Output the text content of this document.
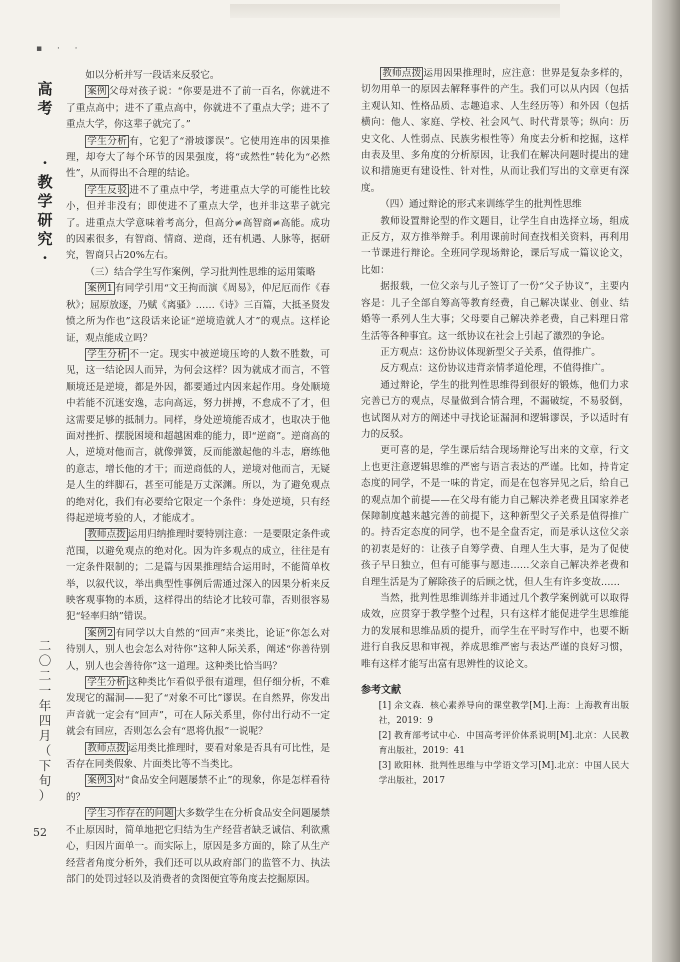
▪ · ·
高
考
·
教
学
研
究
·
二
〇
二
一
年
四
月
（
下
旬
）
52

如以分析并写一段话来反驳它。

案例 父母对孩子说：“你要是进不了前一百名，你就进不了重点高中；进不了重点高中，你就进不了重点大学；进不了重点大学，你这辈子就完了。”

学生分析 有，它犯了“滑坡谬误”。它使用连串的因果推理，却夸大了每个环节的因果强度，将“或然性”转化为“必然性”，从而得出不合理的结论。

学生反驳 进不了重点中学，考进重点大学的可能性比较小，但并非没有；即使进不了重点大学，也并非这辈子就完了。进重点大学意味着考高分，但高分≠高智商≠高能。成功的因素很多，有智商、情商、逆商，还有机遇、人脉等，据研究，智商只占20%左右。

（三）结合学生写作案例，学习批判性思维的运用策略

案例1 有同学引用“文王拘而演《周易》，仲尼厄而作《春秋》；屈原放逐，乃赋《离骚》……《诗》三百篇，大抵圣贤发愤之所为作也”这段话来论证“逆境造就人才”的观点。这样论证，观点能成立吗？

学生分析 不一定。现实中被逆境压垮的人数不胜数，可见，这一结论因人而异，为何会这样？因为就成才而言，不管顺境还是逆境，都是外因，都要通过内因来起作用。身处顺境中若能不沉迷安逸，志向高远，努力拼搏，不怠成不了才，但这需要足够的抵制力。同样，身处逆境能否成才，也取决于他面对挫折、摆脱困境和超越困难的能力，即“逆商”。逆商高的人，逆境对他而言，就像弹簧，反而能激起他的斗志，磨练他的意志，增长他的才干；而逆商低的人，逆境对他而言，无疑是人生的绊脚石，甚至可能是万丈深渊。所以，为了避免观点的绝对化，我们有必要给它限定一个条件：身处逆境，只有经得起逆境考验的人，才能成才。

教师点拨 运用归纳推理时要特别注意：一是要限定条件或范围，以避免观点的绝对化。因为许多观点的成立，往往是有一定条件限制的；二是篇与因果推理结合运用时，不能简单枚举，以叙代议，举出典型性事例后需通过深入的因果分析来反映客观事物的本质，这样得出的结论才比较可靠，否则很容易犯“轻率归纳”错误。

案例2 有同学以大自然的“回声”来类比，论证“你怎么对待别人，别人也会怎么对待你”这种人际关系，阐述“你善待别人，别人也会善待你”这一道理。这种类比恰当吗？

学生分析 这种类比乍看似乎很有道理，但仔细分析，不难发现它的漏洞——犯了“对象不可比”谬误。在自然界，你发出声音就一定会有“回声”，可在人际关系里，你付出行动不一定就会有回应，否则怎么会有“恩将仇报”一说呢？

教师点拨 运用类比推理时，要看对象是否具有可比性，是否存在同类假象、片面类比等不当类比。

案例3 对“食品安全问题屡禁不止”的现象，你是怎样看待的？

学生习作存在的问题 大多数学生在分析食品安全问题屡禁不止原因时，简单地把它归结为生产经营者缺乏诚信、利欲熏心，归因片面单一。而实际上，原因是多方面的，除了从生产经营者角度分析外，我们还可以从政府部门的监管不力、执法部门的处罚过轻以及消费者的贪图便宜等角度去挖掘原因。

教师点拨 运用因果推理时，应注意：世界是复杂多样的，切勿用单一的原因去解释事件的产生。我们可以从内因（包括主观认知、性格品质、志趣追求、人生经历等）和外因（包括横向：他人、家庭、学校、社会风气、时代背景等；纵向：历史文化、人性弱点、民族劣根性等）角度去分析和挖掘，这样由表及里、多角度的分析原因，让我们在解决问题时提出的建议和措施更有建设性、针对性，从而让我们写出的文章更有深度。

（四）通过辩论的形式来训练学生的批判性思维

教师设置辩论型的作文题目，让学生自由选择立场，组成正反方，双方推举辩手。利用课前时间查找相关资料，再利用一节课进行辩论。全班同学现场辩论，课后写成一篇议论文，比如：

据报载，一位父亲与儿子签订了一份“父子协议”，主要内容是：儿子全部自筹高等教育经费，自己解决谋业、创业、结婚等一系列人生大事；父母要自己解决养老费，自己料理日常生活等各种事宜。这一纸协议在社会上引起了激烈的争论。

正方观点：这份协议体现新型父子关系，值得推广。

反方观点：这份协议违背亲情孝道伦理，不值得推广。

通过辩论，学生的批判性思维得到很好的锻炼，他们力求完善已方的观点，尽量做到合情合理，不漏破绽，不易驳倒，也试图从对方的阐述中寻找论证漏洞和逻辑谬误，予以适时有力的反驳。

更可喜的是，学生课后结合现场辩论写出来的文章，行文上也更注意逻辑思维的严密与语言表达的严谨。比如，持肯定态度的同学，不是一味的肯定，而是在包容异见之后，给自己的观点加个前提——在父母有能力自己解决养老费且国家养老保障制度越来越完善的前提下，这种新型父子关系是值得推广的。持否定态度的同学，也不是全盘否定，而是承认这位父亲的初衷是好的：让孩子自筹学费、自理人生大事，是为了促使孩子早日独立，但有可能事与愿违……父亲自己解决养老费和自理生活是为了解除孩子的后顾之忧，但人生有许多变故……

当然，批判性思维训练并非通过几个教学案例就可以取得成效，应贯穿于教学整个过程，只有这样才能促进学生思维能力的发展和思维品质的提升，而学生在平时写作中，也要不断进行自我反思和审视，养成思维严密与表达严谨的良好习惯，唯有这样才能写出富有思辨性的议论文。

参考文献

[1] 余文森．核心素养导向的课堂教学[M].上海：上海教育出版社，2019：9

[2] 教育部考试中心．中国高考评价体系说明[M].北京：人民教育出版社，2019：41

[3] 欧阳林．批判性思维与中学语文学习[M].北京：中国人民大学出版社，2017
